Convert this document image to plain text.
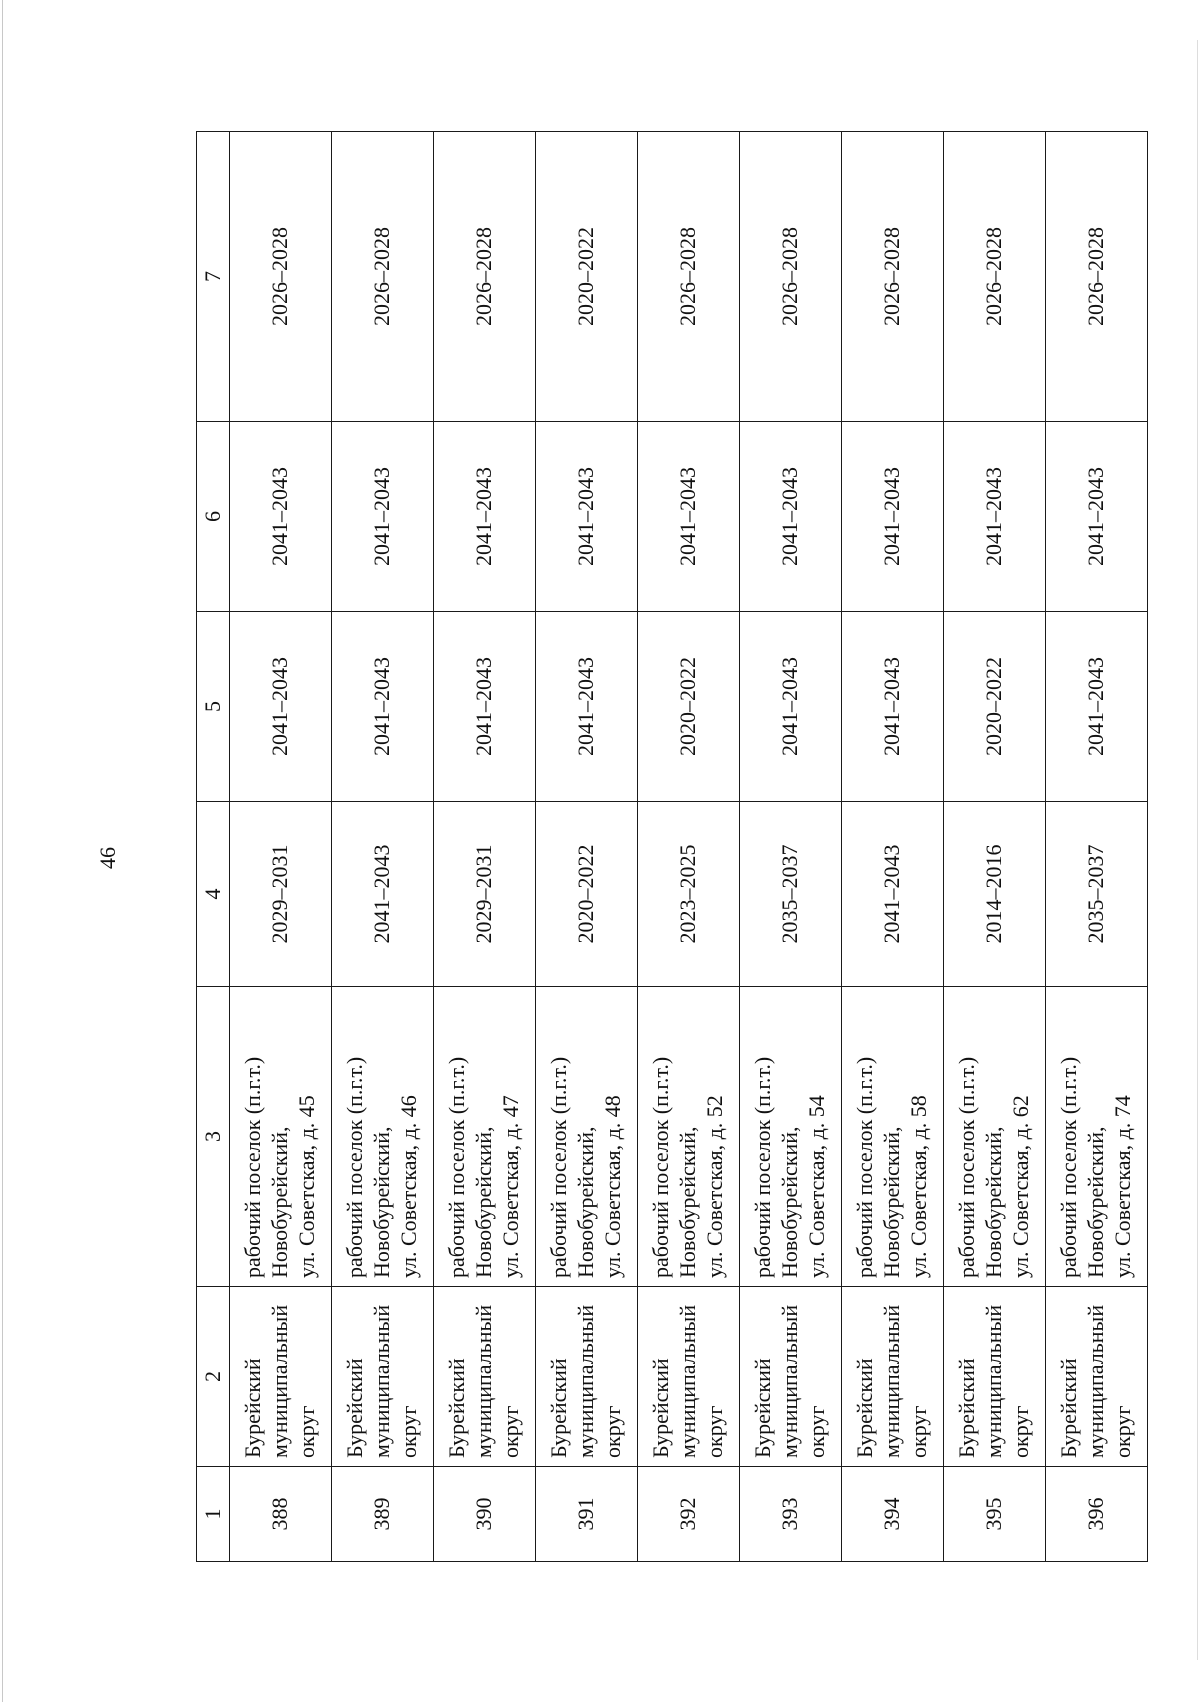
46
1	2	3	4	5	6	7
388	Бурейский муниципальный округ	рабочий поселок (п.г.т.) Новобурейский, ул. Советская, д. 45	2029–2031	2041–2043	2041–2043	2026–2028
389	Бурейский муниципальный округ	рабочий поселок (п.г.т.) Новобурейский, ул. Советская, д. 46	2041–2043	2041–2043	2041–2043	2026–2028
390	Бурейский муниципальный округ	рабочий поселок (п.г.т.) Новобурейский, ул. Советская, д. 47	2029–2031	2041–2043	2041–2043	2026–2028
391	Бурейский муниципальный округ	рабочий поселок (п.г.т.) Новобурейский, ул. Советская, д. 48	2020–2022	2041–2043	2041–2043	2020–2022
392	Бурейский муниципальный округ	рабочий поселок (п.г.т.) Новобурейский, ул. Советская, д. 52	2023–2025	2020–2022	2041–2043	2026–2028
393	Бурейский муниципальный округ	рабочий поселок (п.г.т.) Новобурейский, ул. Советская, д. 54	2035–2037	2041–2043	2041–2043	2026–2028
394	Бурейский муниципальный округ	рабочий поселок (п.г.т.) Новобурейский, ул. Советская, д. 58	2041–2043	2041–2043	2041–2043	2026–2028
395	Бурейский муниципальный округ	рабочий поселок (п.г.т.) Новобурейский, ул. Советская, д. 62	2014–2016	2020–2022	2041–2043	2026–2028
396	Бурейский муниципальный округ	рабочий поселок (п.г.т.) Новобурейский, ул. Советская, д. 74	2035–2037	2041–2043	2041–2043	2026–2028
